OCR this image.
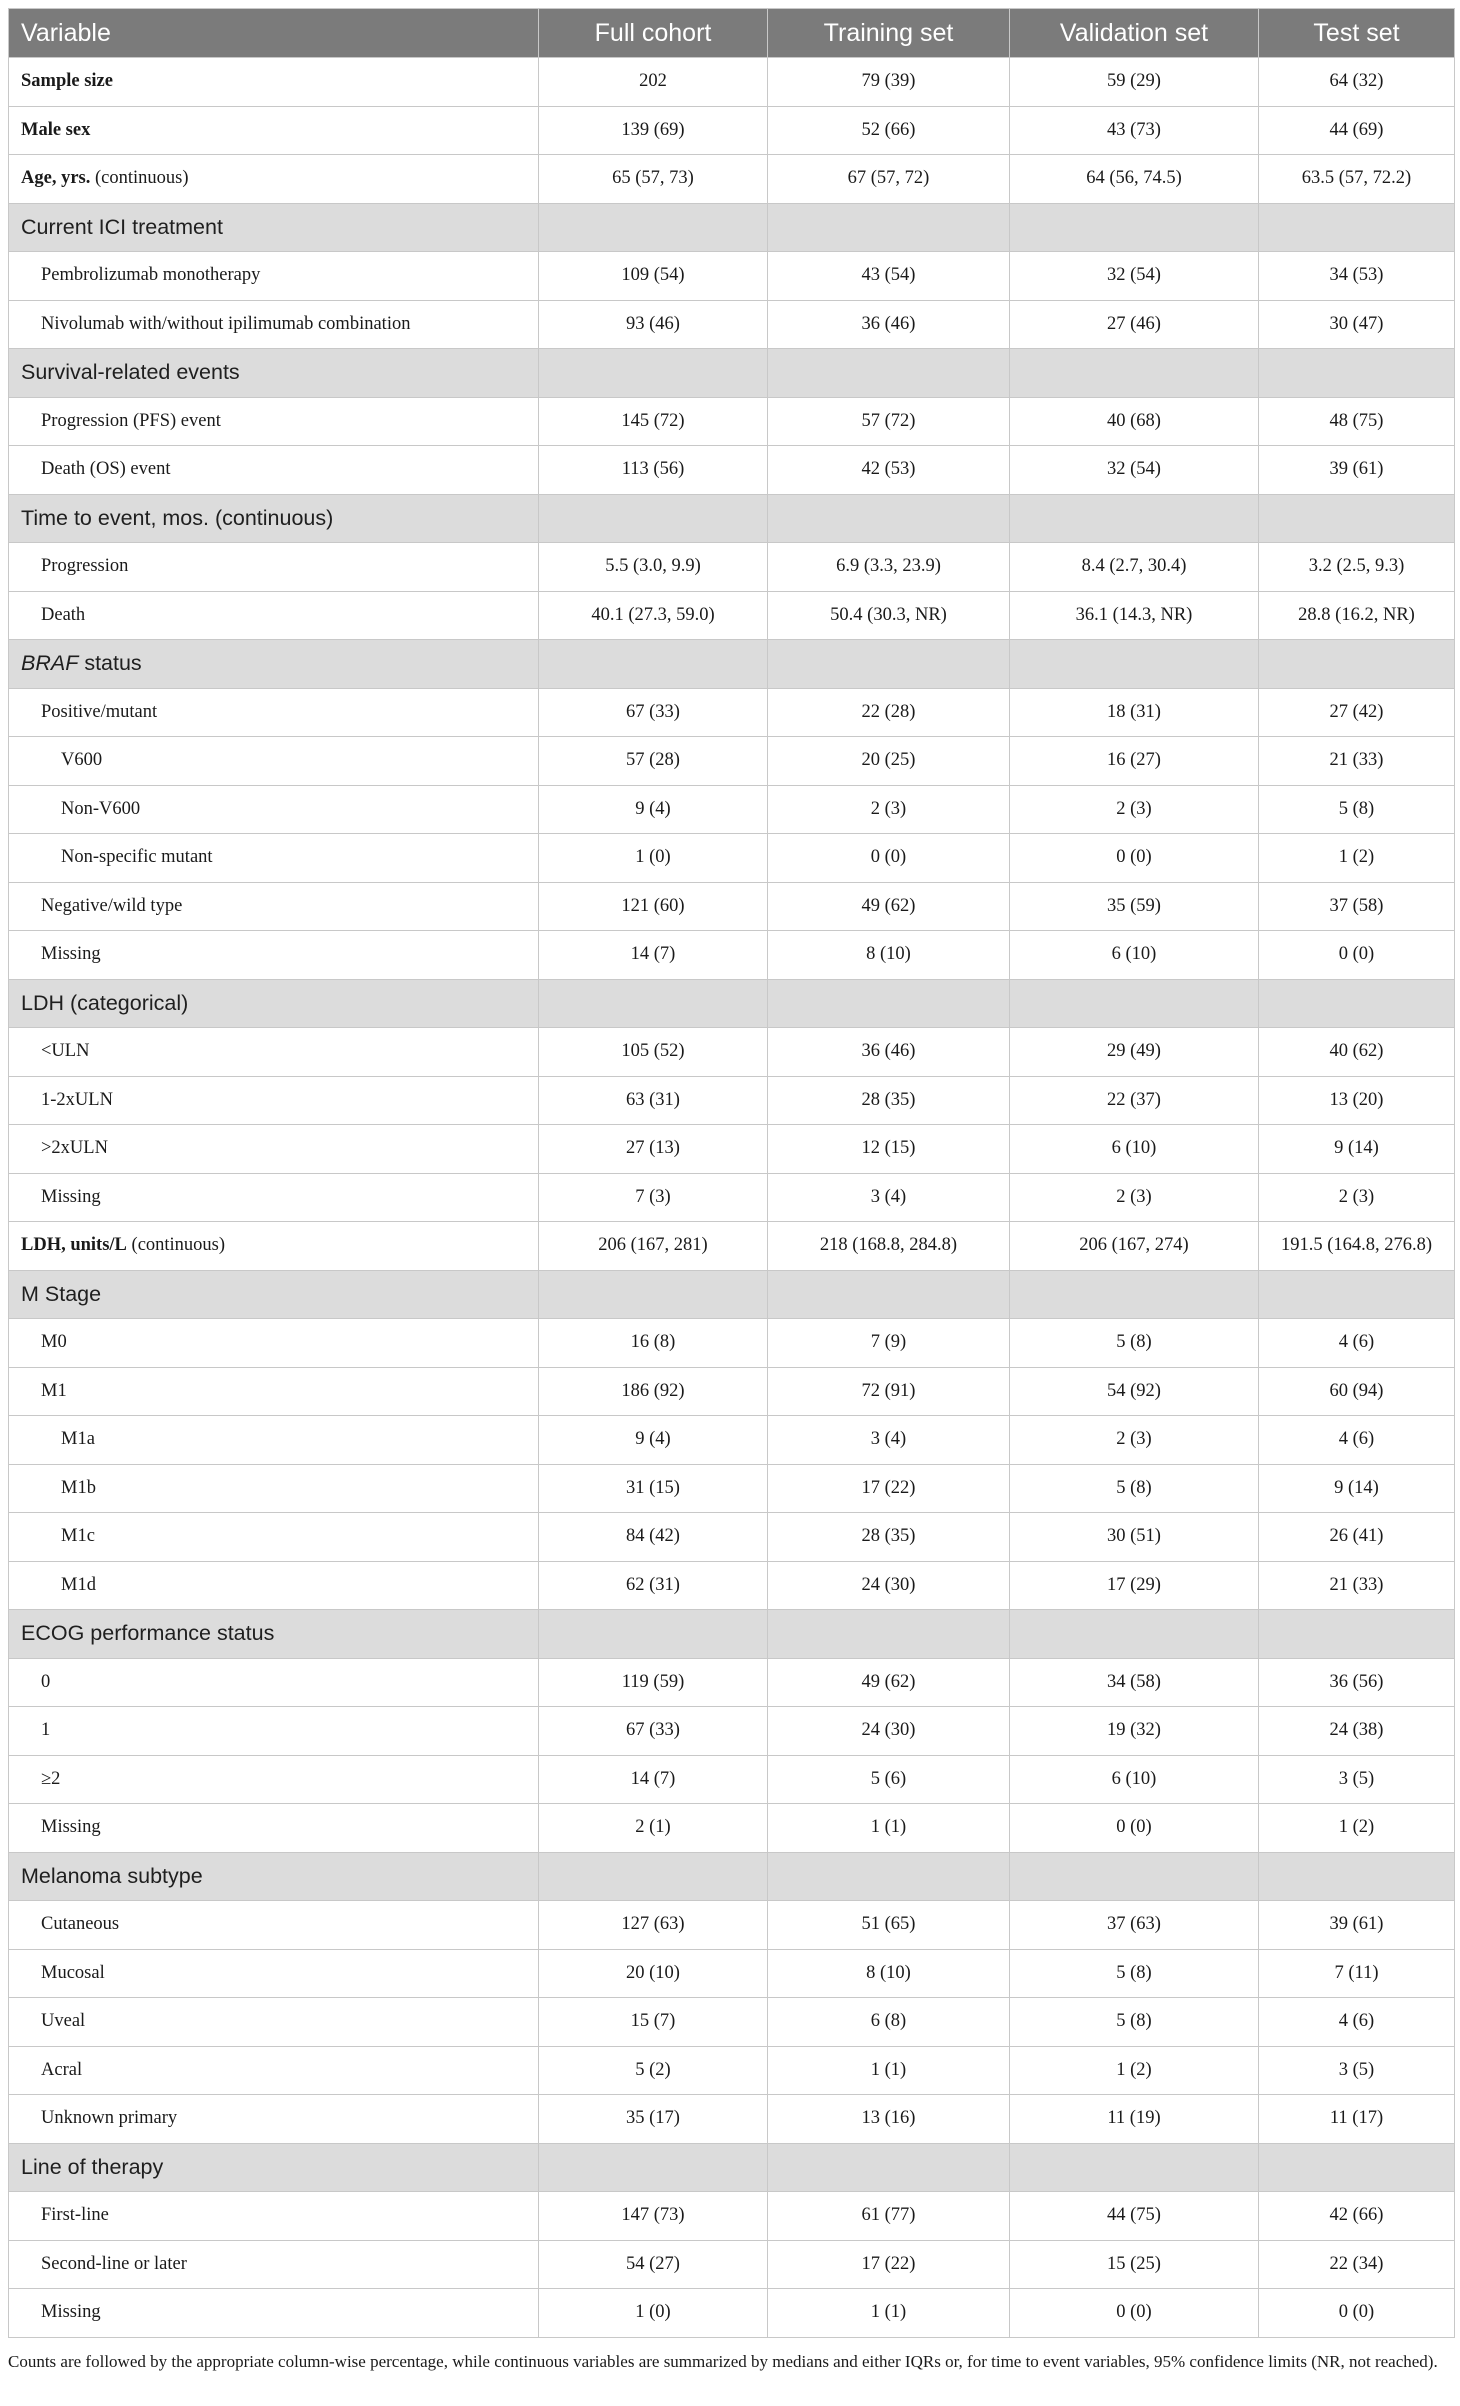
Variable	Full cohort	Training set	Validation set	Test set
Sample size	202	79 (39)	59 (29)	64 (32)
Male sex	139 (69)	52 (66)	43 (73)	44 (69)
Age, yrs. (continuous)	65 (57, 73)	67 (57, 72)	64 (56, 74.5)	63.5 (57, 72.2)
Current ICI treatment				
Pembrolizumab monotherapy	109 (54)	43 (54)	32 (54)	34 (53)
Nivolumab with/without ipilimumab combination	93 (46)	36 (46)	27 (46)	30 (47)
Survival-related events				
Progression (PFS) event	145 (72)	57 (72)	40 (68)	48 (75)
Death (OS) event	113 (56)	42 (53)	32 (54)	39 (61)
Time to event, mos. (continuous)				
Progression	5.5 (3.0, 9.9)	6.9 (3.3, 23.9)	8.4 (2.7, 30.4)	3.2 (2.5, 9.3)
Death	40.1 (27.3, 59.0)	50.4 (30.3, NR)	36.1 (14.3, NR)	28.8 (16.2, NR)
BRAF status				
Positive/mutant	67 (33)	22 (28)	18 (31)	27 (42)
V600	57 (28)	20 (25)	16 (27)	21 (33)
Non-V600	9 (4)	2 (3)	2 (3)	5 (8)
Non-specific mutant	1 (0)	0 (0)	0 (0)	1 (2)
Negative/wild type	121 (60)	49 (62)	35 (59)	37 (58)
Missing	14 (7)	8 (10)	6 (10)	0 (0)
LDH (categorical)				
<ULN	105 (52)	36 (46)	29 (49)	40 (62)
1-2xULN	63 (31)	28 (35)	22 (37)	13 (20)
>2xULN	27 (13)	12 (15)	6 (10)	9 (14)
Missing	7 (3)	3 (4)	2 (3)	2 (3)
LDH, units/L (continuous)	206 (167, 281)	218 (168.8, 284.8)	206 (167, 274)	191.5 (164.8, 276.8)
M Stage				
M0	16 (8)	7 (9)	5 (8)	4 (6)
M1	186 (92)	72 (91)	54 (92)	60 (94)
M1a	9 (4)	3 (4)	2 (3)	4 (6)
M1b	31 (15)	17 (22)	5 (8)	9 (14)
M1c	84 (42)	28 (35)	30 (51)	26 (41)
M1d	62 (31)	24 (30)	17 (29)	21 (33)
ECOG performance status				
0	119 (59)	49 (62)	34 (58)	36 (56)
1	67 (33)	24 (30)	19 (32)	24 (38)
≥2	14 (7)	5 (6)	6 (10)	3 (5)
Missing	2 (1)	1 (1)	0 (0)	1 (2)
Melanoma subtype				
Cutaneous	127 (63)	51 (65)	37 (63)	39 (61)
Mucosal	20 (10)	8 (10)	5 (8)	7 (11)
Uveal	15 (7)	6 (8)	5 (8)	4 (6)
Acral	5 (2)	1 (1)	1 (2)	3 (5)
Unknown primary	35 (17)	13 (16)	11 (19)	11 (17)
Line of therapy				
First-line	147 (73)	61 (77)	44 (75)	42 (66)
Second-line or later	54 (27)	17 (22)	15 (25)	22 (34)
Missing	1 (0)	1 (1)	0 (0)	0 (0)
Counts are followed by the appropriate column-wise percentage, while continuous variables are summarized by medians and either IQRs or, for time to event variables, 95% confidence limits (NR, not reached).
